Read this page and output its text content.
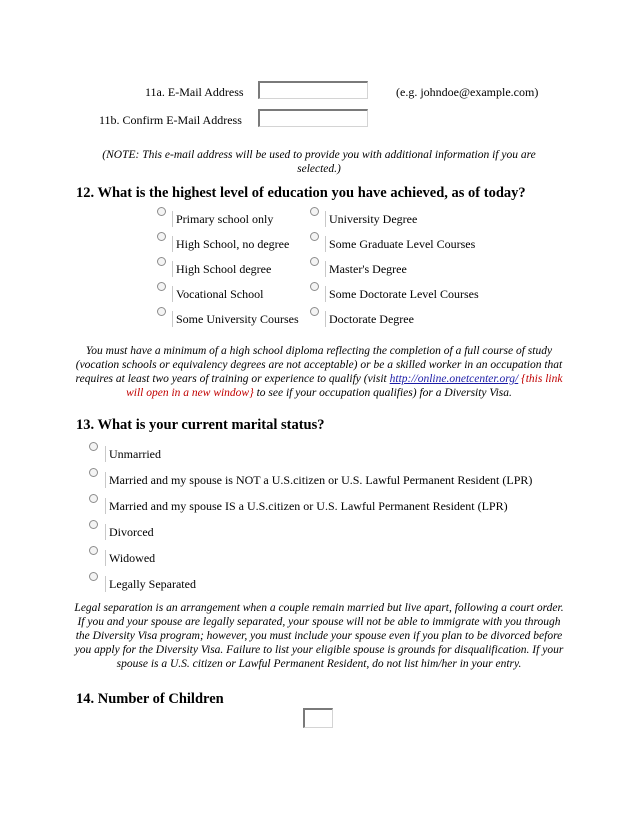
11a. E-Mail Address	(e.g. johndoe@example.com)
11b. Confirm E-Mail Address
(NOTE: This e-mail address will be used to provide you with additional information if you are selected.)
12. What is the highest level of education you have achieved, as of today?
Primary school only
High School, no degree
High School degree
Vocational School
Some University Courses
University Degree
Some Graduate Level Courses
Master's Degree
Some Doctorate Level Courses
Doctorate Degree
You must have a minimum of a high school diploma reflecting the completion of a full course of study (vocation schools or equivalency degrees are not acceptable) or be a skilled worker in an occupation that requires at least two years of training or experience to qualify (visit http://online.onetcenter.org/ {this link will open in a new window} to see if your occupation qualifies) for a Diversity Visa.
13. What is your current marital status?
Unmarried
Married and my spouse is NOT a U.S.citizen or U.S. Lawful Permanent Resident (LPR)
Married and my spouse IS a U.S.citizen or U.S. Lawful Permanent Resident (LPR)
Divorced
Widowed
Legally Separated
Legal separation is an arrangement when a couple remain married but live apart, following a court order. If you and your spouse are legally separated, your spouse will not be able to immigrate with you through the Diversity Visa program; however, you must include your spouse even if you plan to be divorced before you apply for the Diversity Visa. Failure to list your eligible spouse is grounds for disqualification. If your spouse is a U.S. citizen or Lawful Permanent Resident, do not list him/her in your entry.
14. Number of Children
